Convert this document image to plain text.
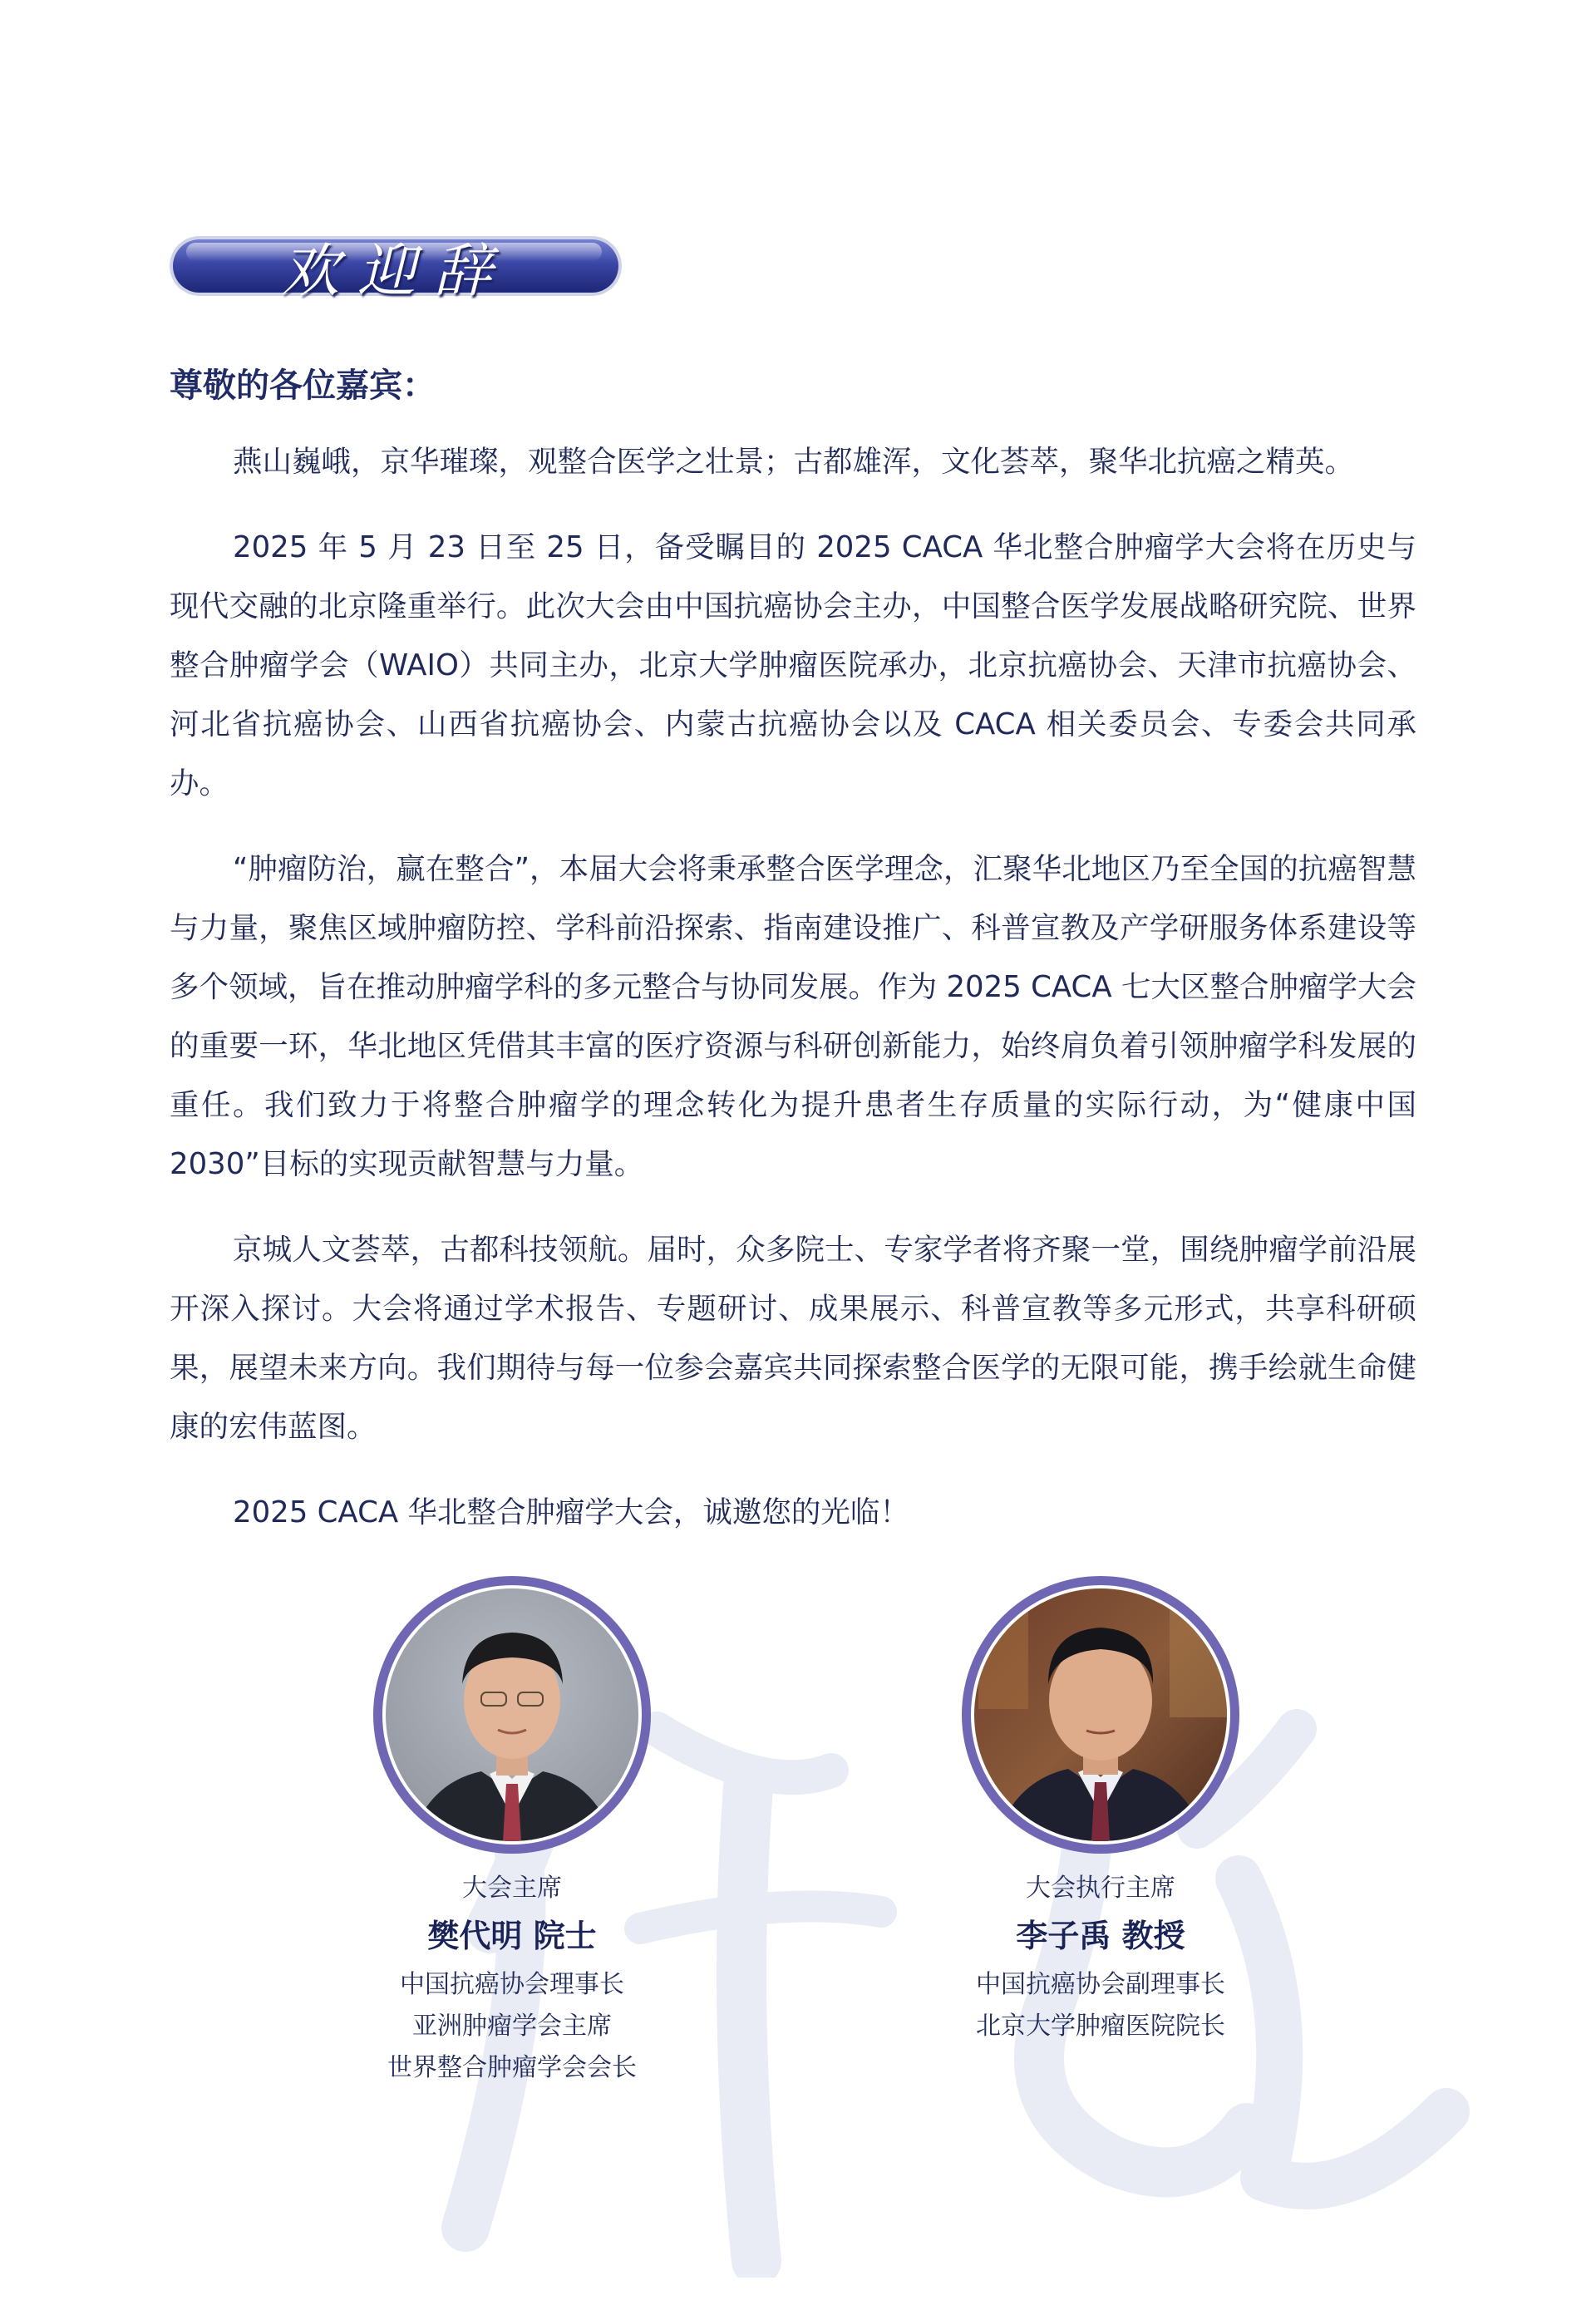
欢迎辞
尊敬的各位嘉宾：

燕山巍峨，京华璀璨，观整合医学之壮景；古都雄浑，文化荟萃，聚华北抗癌之精英。

2025 年 5 月 23 日至 25 日，备受瞩目的 2025 CACA 华北整合肿瘤学大会将在历史与现代交融的北京隆重举行。此次大会由中国抗癌协会主办，中国整合医学发展战略研究院、世界整合肿瘤学会（WAIO）共同主办，北京大学肿瘤医院承办，北京抗癌协会、天津市抗癌协会、河北省抗癌协会、山西省抗癌协会、内蒙古抗癌协会以及 CACA 相关委员会、专委会共同承办。

“肿瘤防治，赢在整合”，本届大会将秉承整合医学理念，汇聚华北地区乃至全国的抗癌智慧与力量，聚焦区域肿瘤防控、学科前沿探索、指南建设推广、科普宣教及产学研服务体系建设等多个领域，旨在推动肿瘤学科的多元整合与协同发展。作为 2025 CACA 七大区整合肿瘤学大会的重要一环，华北地区凭借其丰富的医疗资源与科研创新能力，始终肩负着引领肿瘤学科发展的重任。我们致力于将整合肿瘤学的理念转化为提升患者生存质量的实际行动，为“健康中国 2030”目标的实现贡献智慧与力量。

京城人文荟萃，古都科技领航。届时，众多院士、专家学者将齐聚一堂，围绕肿瘤学前沿展开深入探讨。大会将通过学术报告、专题研讨、成果展示、科普宣教等多元形式，共享科研硕果，展望未来方向。我们期待与每一位参会嘉宾共同探索整合医学的无限可能，携手绘就生命健康的宏伟蓝图。

2025 CACA 华北整合肿瘤学大会，诚邀您的光临！

大会主席
樊代明 院士
中国抗癌协会理事长
亚洲肿瘤学会主席
世界整合肿瘤学会会长
大会执行主席
李子禹 教授
中国抗癌协会副理事长
北京大学肿瘤医院院长
